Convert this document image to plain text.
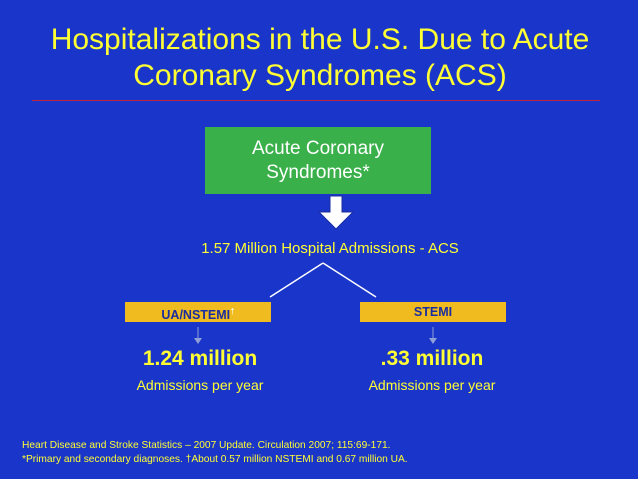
Hospitalizations in the U.S. Due to Acute
Coronary Syndromes (ACS)
Acute Coronary
Syndromes*
1.57 Million Hospital Admissions - ACS
UA/NSTEMI†	STEMI
1.24 million
Admissions per year
.33 million
Admissions per year
Heart Disease and Stroke Statistics – 2007 Update. Circulation 2007; 115:69-171.
*Primary and secondary diagnoses. †About 0.57 million NSTEMI and 0.67 million UA.
